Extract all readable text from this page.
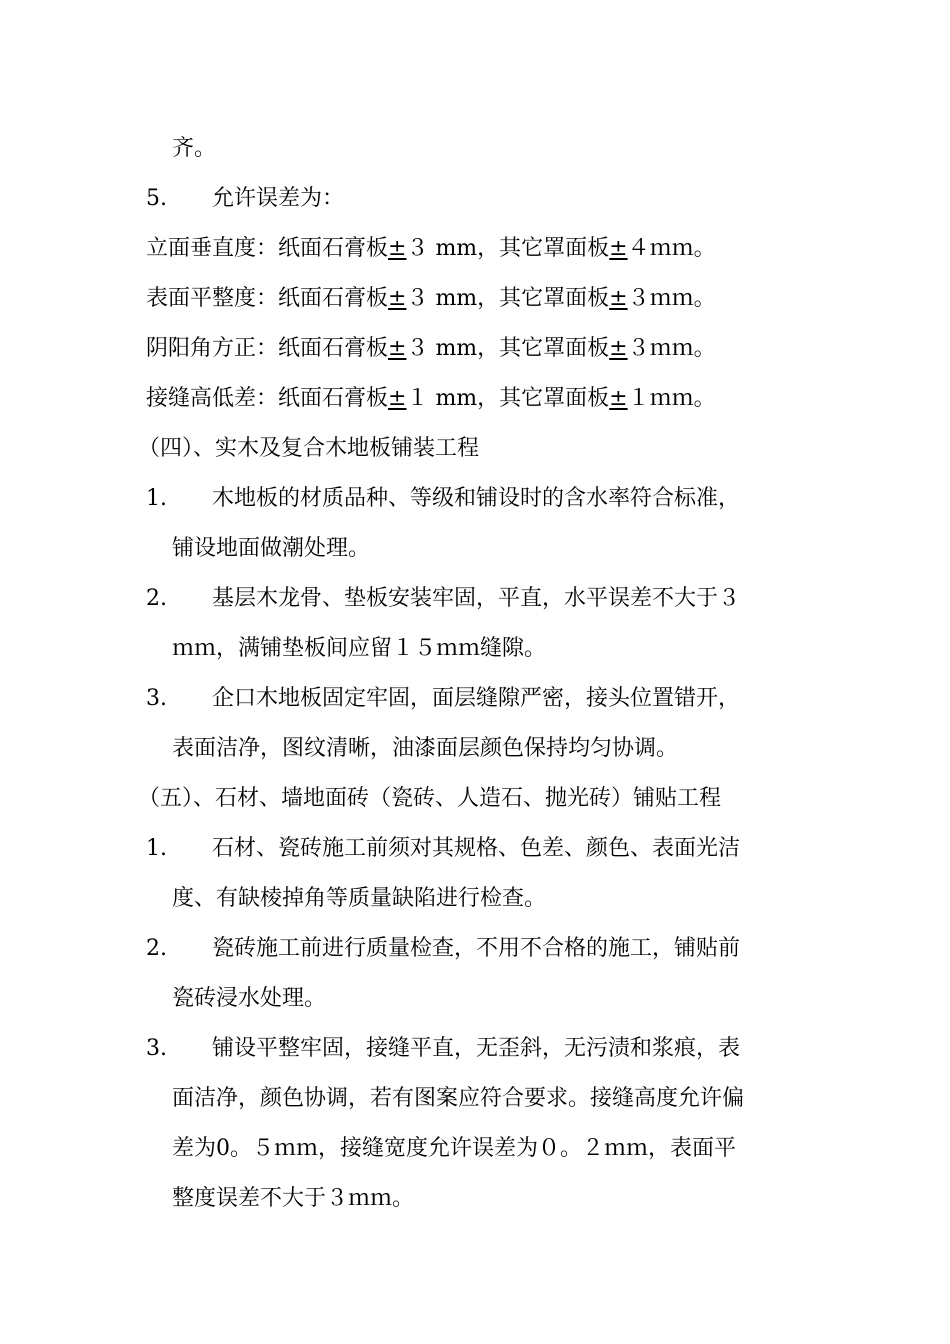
齐。
5. 允许误差为：
立面垂直度：纸面石膏板±３ mm，其它罩面板±４ｍｍ。
表面平整度：纸面石膏板±３ mm，其它罩面板±３ｍｍ。
阴阳角方正：纸面石膏板±３ mm，其它罩面板±３ｍｍ。
接缝高低差：纸面石膏板±１ mm，其它罩面板±１ｍｍ。
（四）、实木及复合木地板铺装工程
1. 木地板的材质品种、等级和铺设时的含水率符合标准，
铺设地面做潮处理。
2. 基层木龙骨、垫板安装牢固，平直，水平误差不大于３
ｍｍ，满铺垫板间应留１５ｍｍ缝隙。
3. 企口木地板固定牢固，面层缝隙严密，接头位置错开，
表面洁净，图纹清晰，油漆面层颜色保持均匀协调。
（五）、石材、墙地面砖（瓷砖、人造石、抛光砖）铺贴工程
1. 石材、瓷砖施工前须对其规格、色差、颜色、表面光洁
度、有缺棱掉角等质量缺陷进行检查。
2. 瓷砖施工前进行质量检查，不用不合格的施工，铺贴前
瓷砖浸水处理。
3. 铺设平整牢固，接缝平直，无歪斜，无污渍和浆痕，表
面洁净，颜色协调，若有图案应符合要求。接缝高度允许偏
差为0。５ｍｍ，接缝宽度允许误差为０。２ｍｍ，表面平
整度误差不大于３ｍｍ。
